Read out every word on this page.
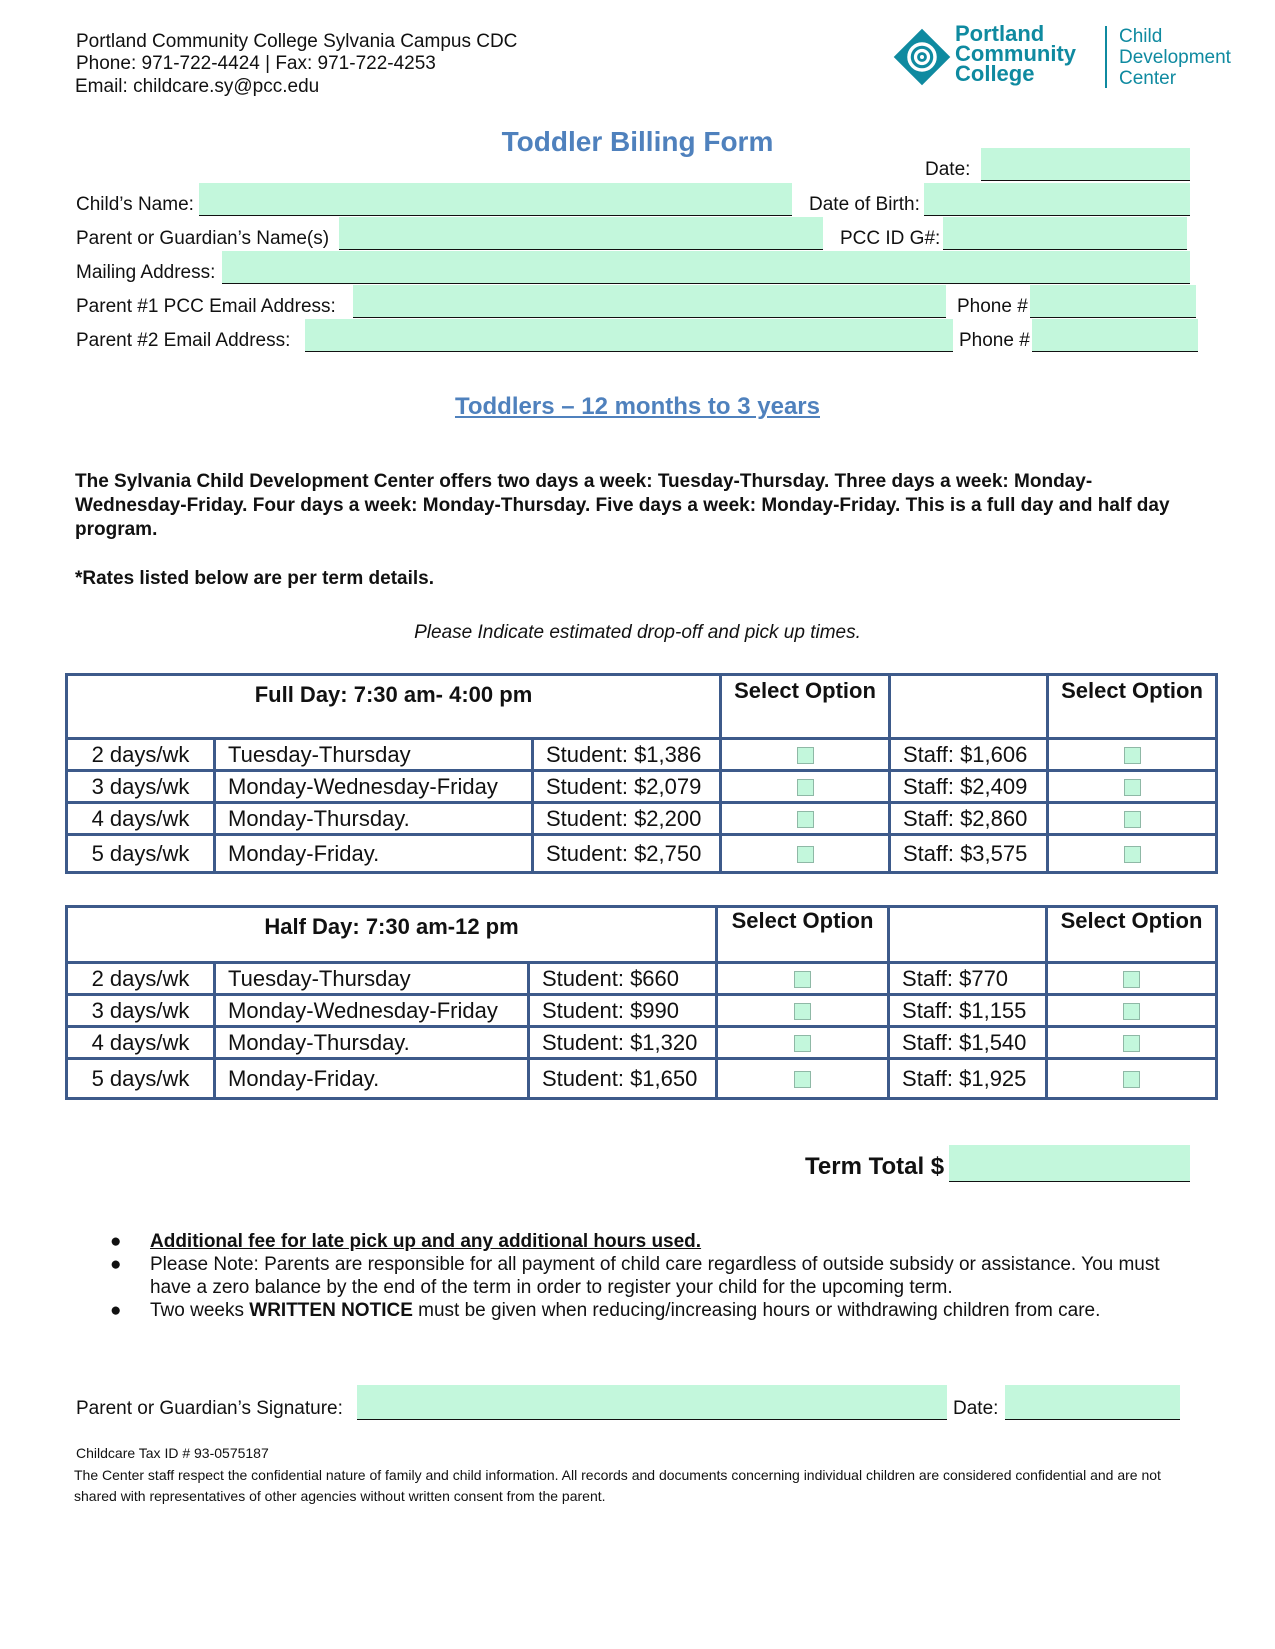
Portland Community College Sylvania Campus CDC
Phone: 971-722-4424 | Fax: 971-722-4253
Email: childcare.sy@pcc.edu
Portland
Community
College
Child
Development
Center
Toddler Billing Form
Date:
Child’s Name:	Date of Birth:
Parent or Guardian’s Name(s)	PCC ID G#:
Mailing Address:
Parent #1 PCC Email Address:	Phone #
Parent #2 Email Address:	Phone #
Toddlers – 12 months to 3 years
The Sylvania Child Development Center offers two days a week: Tuesday-Thursday. Three days a week: Monday-Wednesday-Friday. Four days a week: Monday-Thursday. Five days a week: Monday-Friday. This is a full day and half day program.
*Rates listed below are per term details.
Please Indicate estimated drop-off and pick up times.
Full Day: 7:30 am- 4:00 pm			Select Option		Select Option
2 days/wk	Tuesday-Thursday	Student: $1,386		Staff: $1,606	
3 days/wk	Monday-Wednesday-Friday	Student: $2,079		Staff: $2,409	
4 days/wk	Monday-Thursday.	Student: $2,200		Staff: $2,860	
5 days/wk	Monday-Friday.	Student: $2,750		Staff: $3,575	
Half Day: 7:30 am-12 pm			Select Option		Select Option
2 days/wk	Tuesday-Thursday	Student: $660		Staff: $770	
3 days/wk	Monday-Wednesday-Friday	Student: $990		Staff: $1,155	
4 days/wk	Monday-Thursday.	Student: $1,320		Staff: $1,540	
5 days/wk	Monday-Friday.	Student: $1,650		Staff: $1,925	
Term Total $
● Additional fee for late pick up and any additional hours used.
● Please Note: Parents are responsible for all payment of child care regardless of outside subsidy or assistance. You must have a zero balance by the end of the term in order to register your child for the upcoming term.
● Two weeks WRITTEN NOTICE must be given when reducing/increasing hours or withdrawing children from care.
Parent or Guardian’s Signature:	Date:
Childcare Tax ID # 93-0575187
The Center staff respect the confidential nature of family and child information. All records and documents concerning individual children are considered confidential and are not shared with representatives of other agencies without written consent from the parent.
